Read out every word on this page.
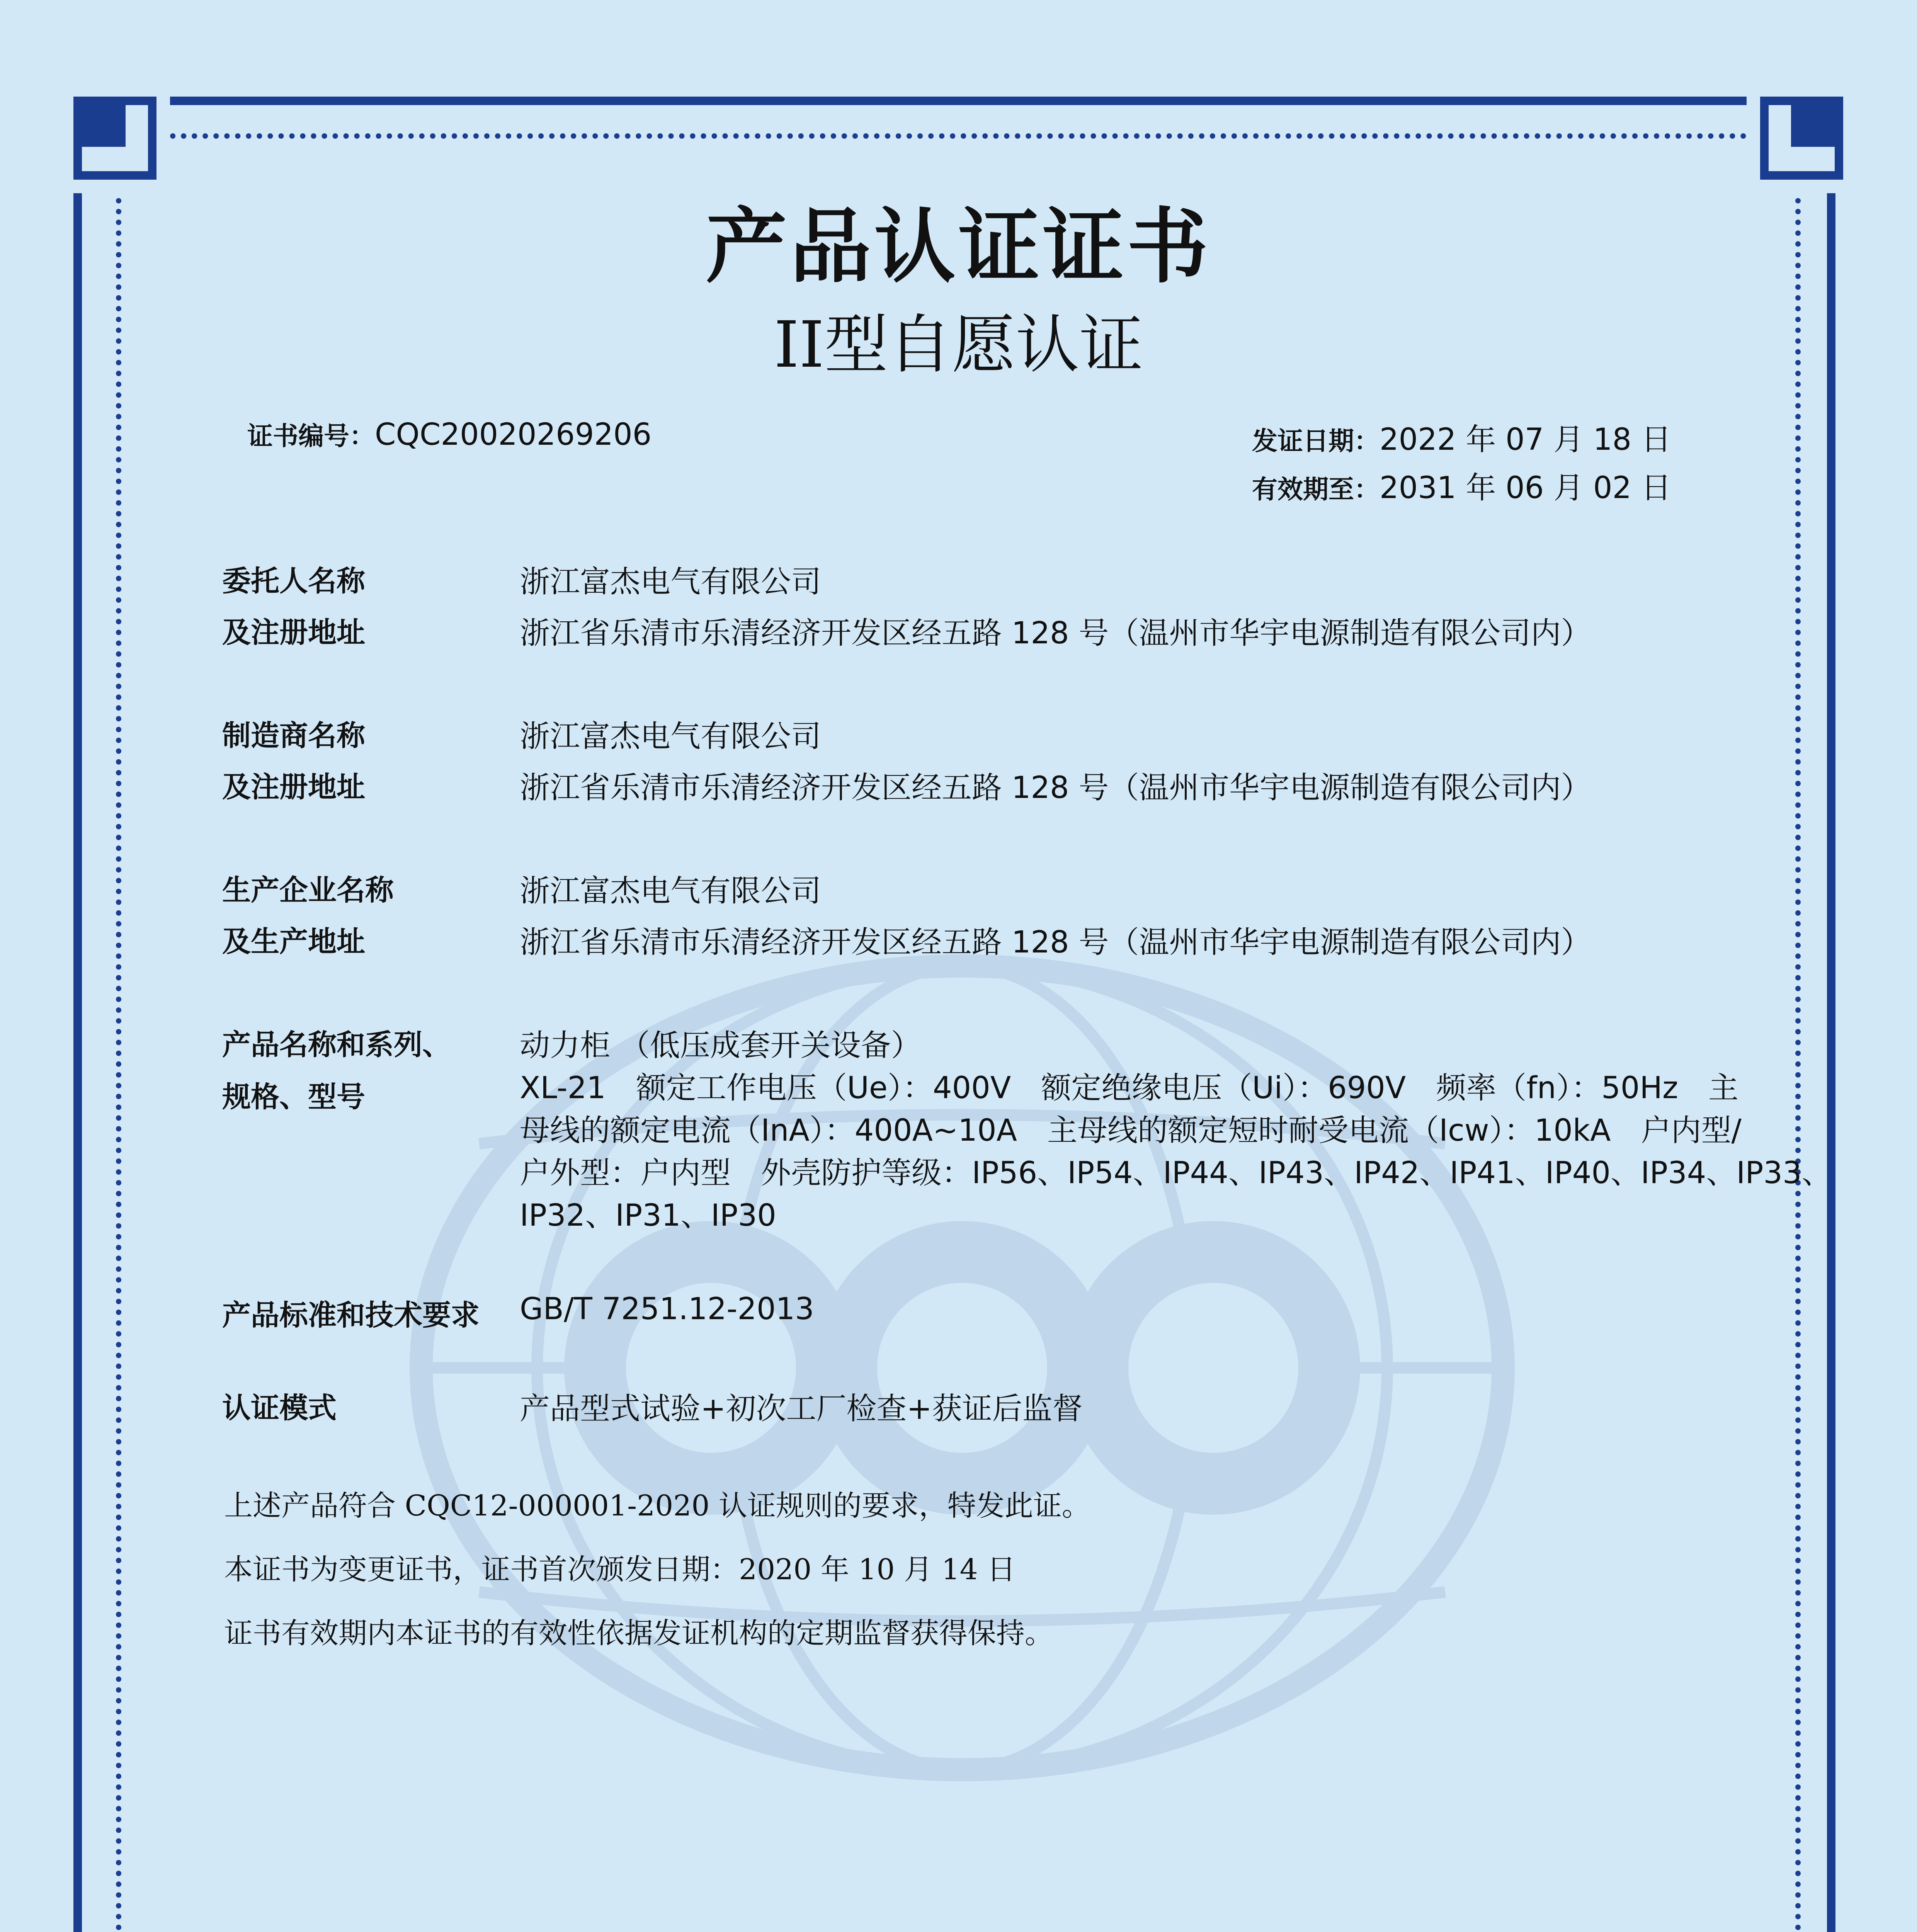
产品认证证书
II型自愿认证
证书编号：CQC20020269206	发证日期：2022 年 07 月 18 日
有效期至：2031 年 06 月 02 日
委托人名称
及注册地址
浙江富杰电气有限公司
浙江省乐清市乐清经济开发区经五路 128 号（温州市华宇电源制造有限公司内）
制造商名称
及注册地址
浙江富杰电气有限公司
浙江省乐清市乐清经济开发区经五路 128 号（温州市华宇电源制造有限公司内）
生产企业名称
及生产地址
浙江富杰电气有限公司
浙江省乐清市乐清经济开发区经五路 128 号（温州市华宇电源制造有限公司内）
产品名称和系列、
规格、型号
动力柜 （低压成套开关设备）
XL-21　额定工作电压（Ue）：400V　额定绝缘电压（Ui）：690V　频率（fn）：50Hz　主
母线的额定电流（InA）：400A~10A　主母线的额定短时耐受电流（Icw）：10kA　户内型/
户外型：户内型　外壳防护等级：IP56、IP54、IP44、IP43、IP42、IP41、IP40、IP34、IP33、
IP32、IP31、IP30
产品标准和技术要求 GB/T 7251.12-2013
认证模式	产品型式试验+初次工厂检查+获证后监督
上述产品符合 CQC12-000001-2020 认证规则的要求，特发此证。
本证书为变更证书，证书首次颁发日期：2020 年 10 月 14 日
证书有效期内本证书的有效性依据发证机构的定期监督获得保持。
